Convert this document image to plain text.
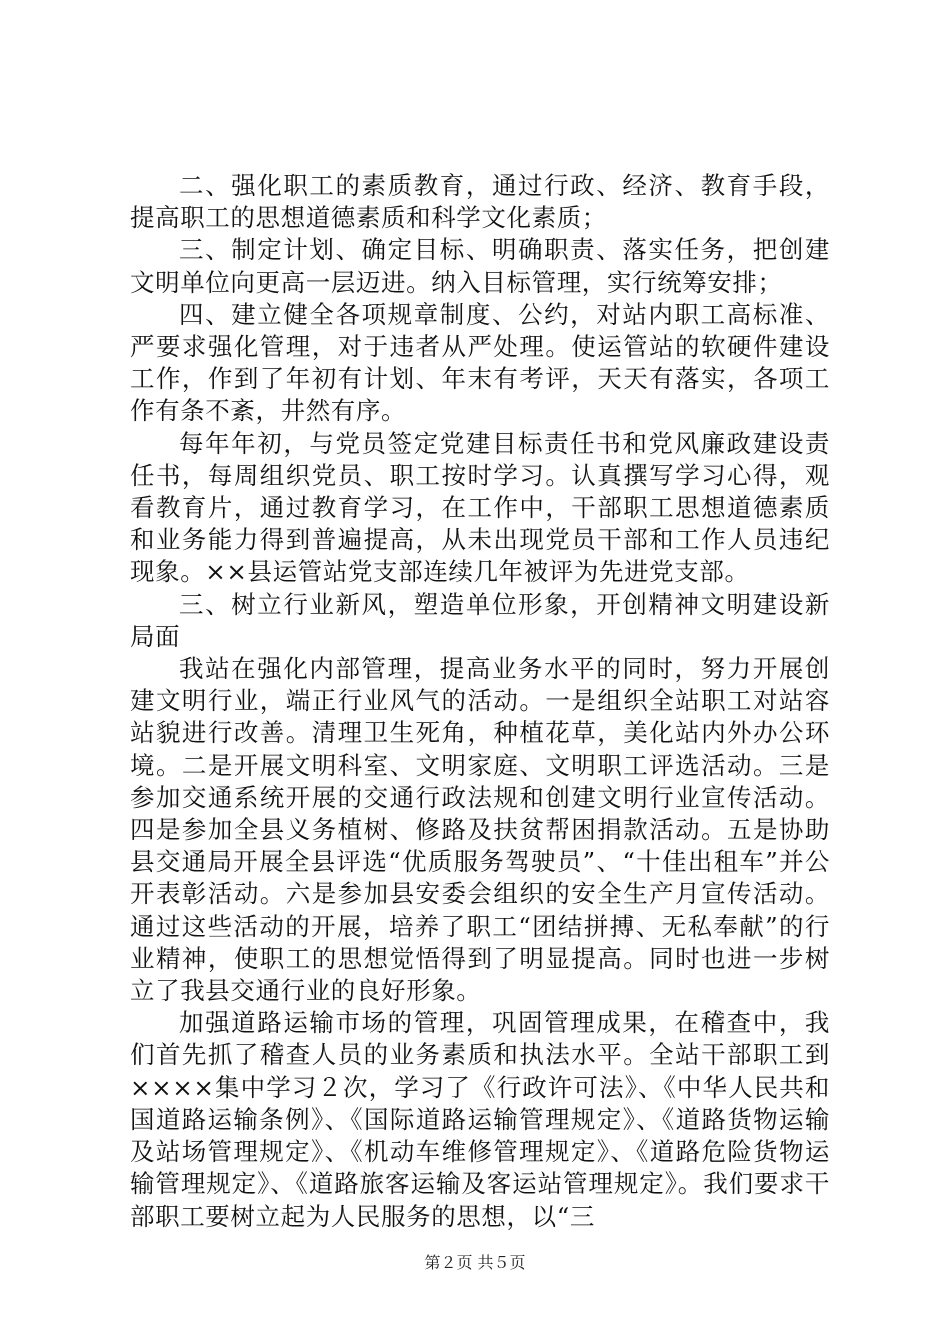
二、强化职工的素质教育，通过行政、经济、教育手段，提高职工的思想道德素质和科学文化素质；

三、制定计划、确定目标、明确职责、落实任务，把创建文明单位向更高一层迈进。纳入目标管理，实行统筹安排；

四、建立健全各项规章制度、公约，对站内职工高标准、严要求强化管理，对于违者从严处理。使运管站的软硬件建设工作，作到了年初有计划、年末有考评，天天有落实，各项工作有条不紊，井然有序。

每年年初，与党员签定党建目标责任书和党风廉政建设责任书，每周组织党员、职工按时学习。认真撰写学习心得，观看教育片，通过教育学习，在工作中，干部职工思想道德素质和业务能力得到普遍提高，从未出现党员干部和工作人员违纪现象。××县运管站党支部连续几年被评为先进党支部。

三、树立行业新风，塑造单位形象，开创精神文明建设新局面

我站在强化内部管理，提高业务水平的同时，努力开展创建文明行业，端正行业风气的活动。一是组织全站职工对站容站貌进行改善。清理卫生死角，种植花草，美化站内外办公环境。二是开展文明科室、文明家庭、文明职工评选活动。三是参加交通系统开展的交通行政法规和创建文明行业宣传活动。四是参加全县义务植树、修路及扶贫帮困捐款活动。五是协助县交通局开展全县评选“优质服务驾驶员”、“十佳出租车”并公开表彰活动。六是参加县安委会组织的安全生产月宣传活动。通过这些活动的开展，培养了职工“团结拼搏、无私奉献”的行业精神，使职工的思想觉悟得到了明显提高。同时也进一步树立了我县交通行业的良好形象。

加强道路运输市场的管理，巩固管理成果，在稽查中，我们首先抓了稽查人员的业务素质和执法水平。全站干部职工到××××集中学习２次，学习了《行政许可法》、《中华人民共和国道路运输条例》、《国际道路运输管理规定》、《道路货物运输及站场管理规定》、《机动车维修管理规定》、《道路危险货物运输管理规定》、《道路旅客运输及客运站管理规定》。我们要求干部职工要树立起为人民服务的思想，以“三

第２页 共５页
